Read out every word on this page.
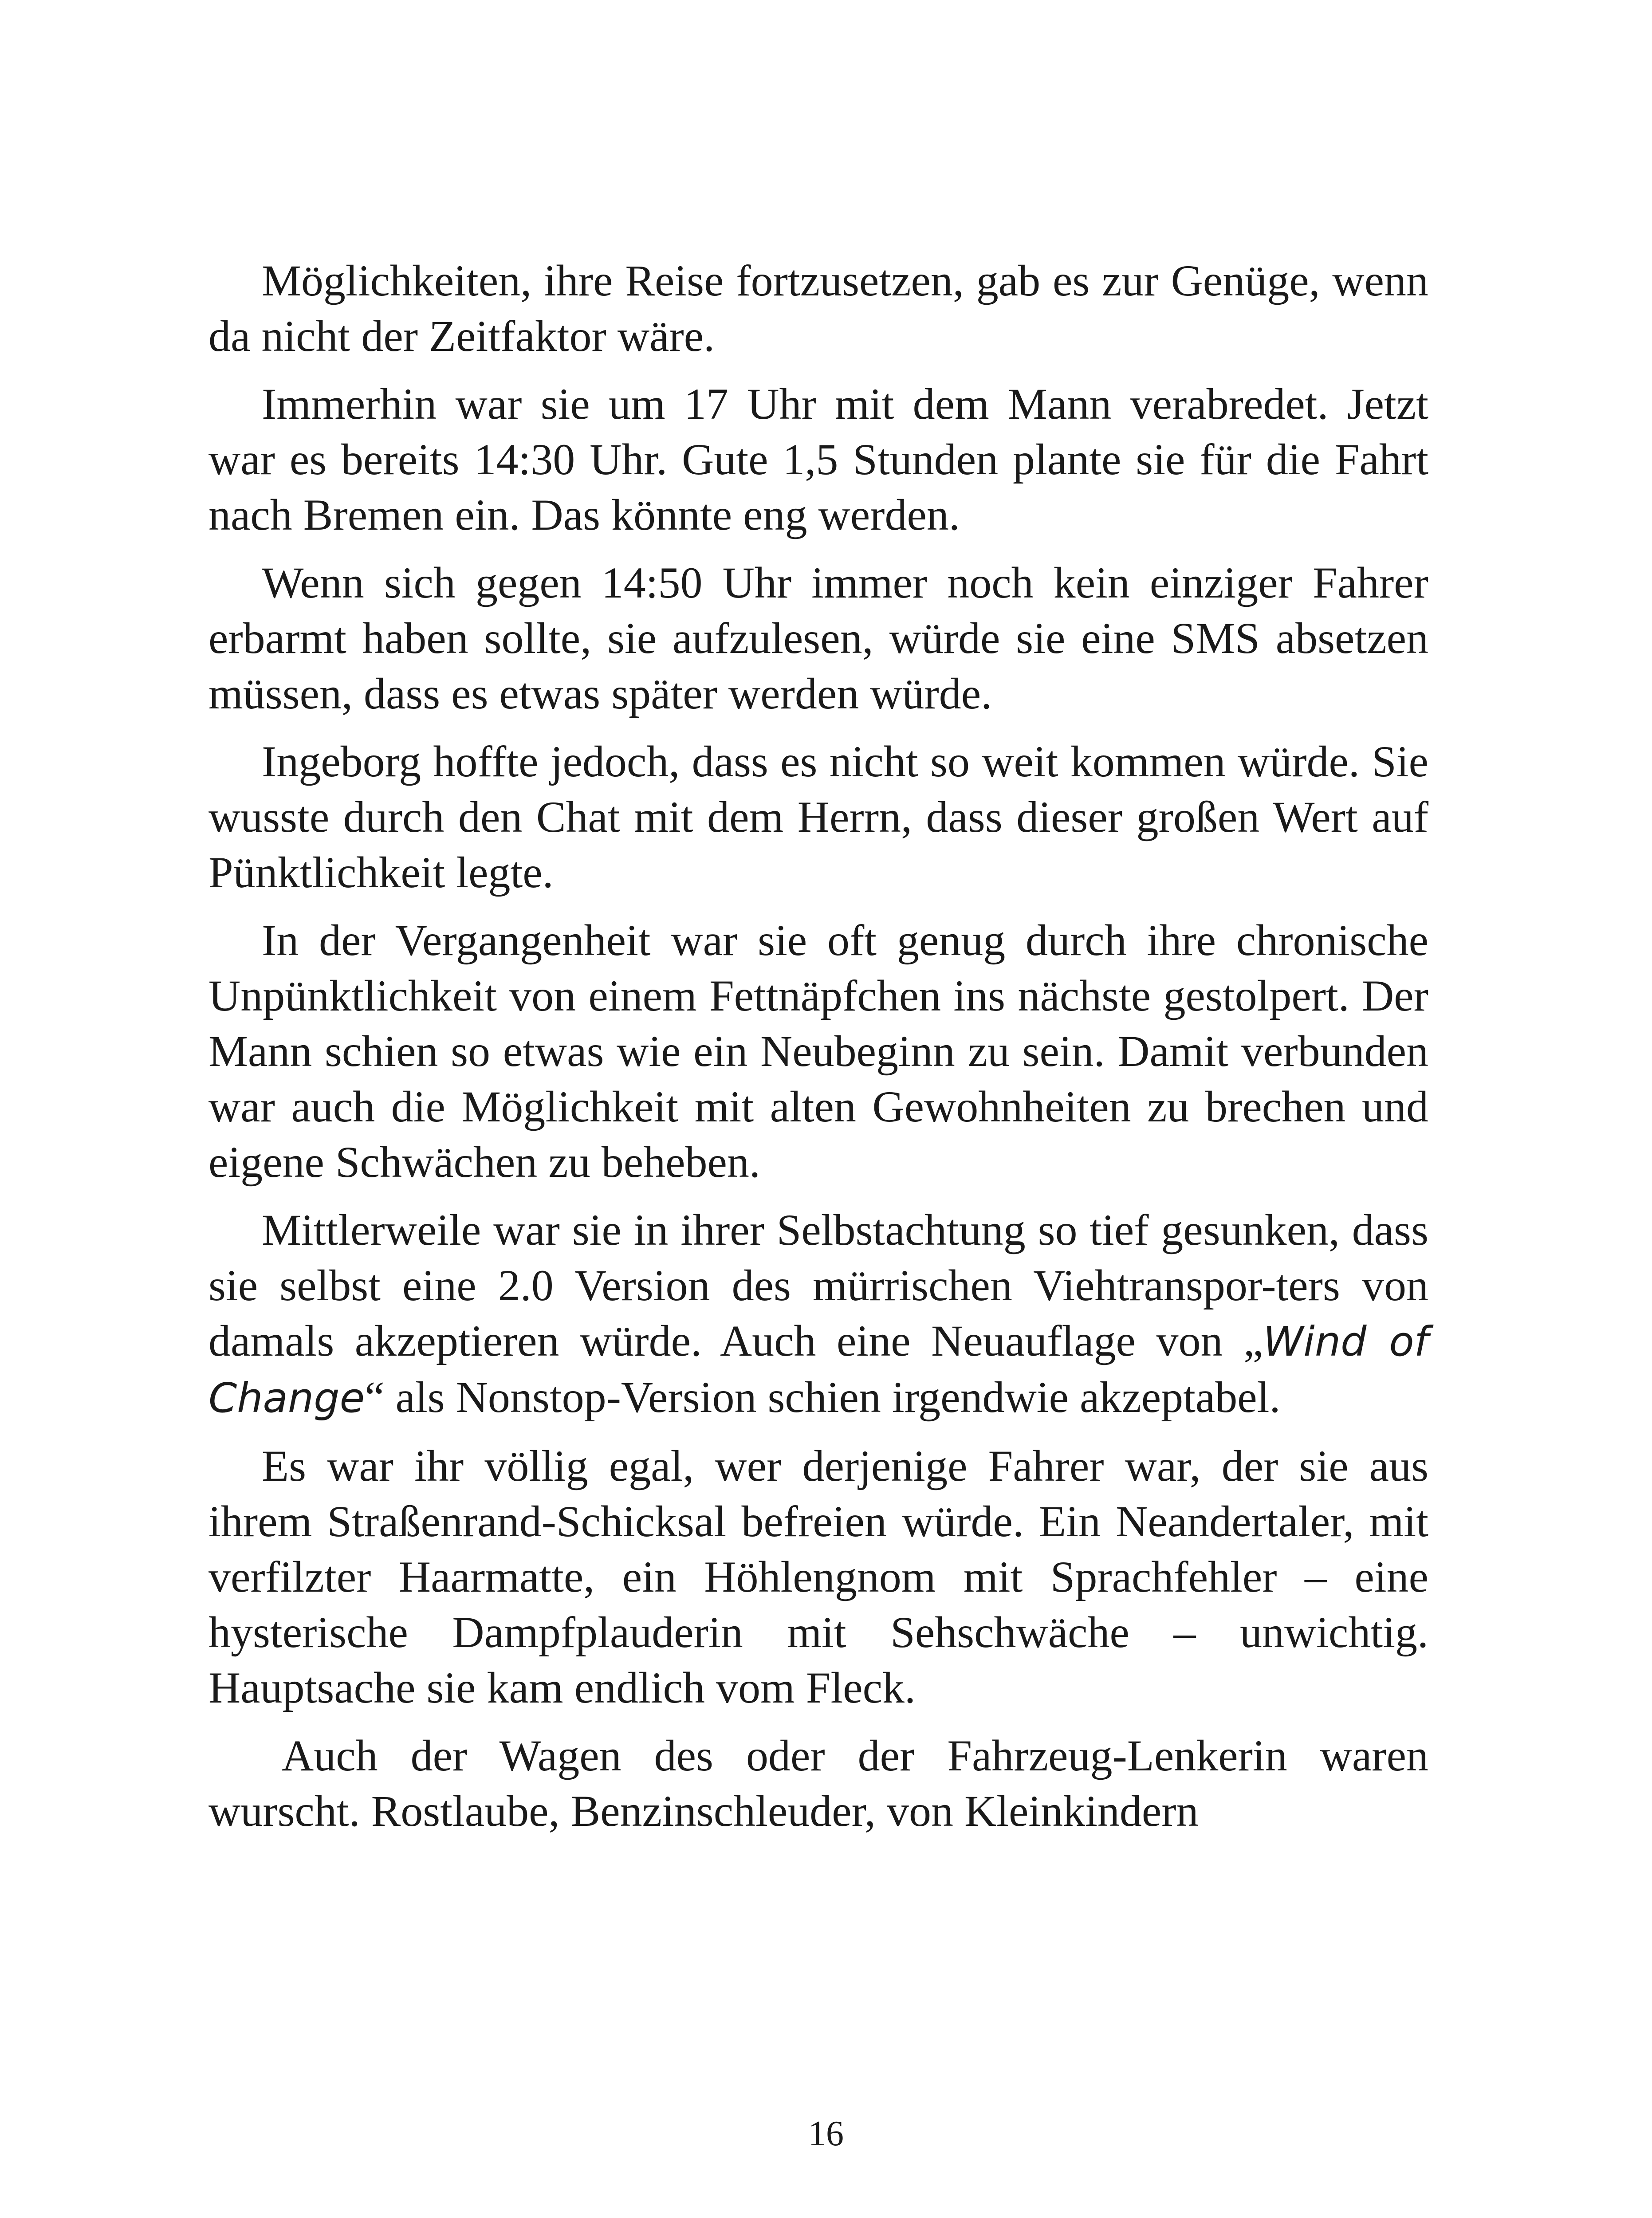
Möglichkeiten, ihre Reise fortzusetzen, gab es zur Genüge, wenn da nicht der Zeitfaktor wäre.

Immerhin war sie um 17 Uhr mit dem Mann verabredet. Jetzt war es bereits 14:30 Uhr. Gute 1,5 Stunden plante sie für die Fahrt nach Bremen ein. Das könnte eng werden.

Wenn sich gegen 14:50 Uhr immer noch kein einziger Fahrer erbarmt haben sollte, sie aufzulesen, würde sie eine SMS absetzen müssen, dass es etwas später werden würde.

Ingeborg hoffte jedoch, dass es nicht so weit kommen würde. Sie wusste durch den Chat mit dem Herrn, dass dieser großen Wert auf Pünktlichkeit legte.

In der Vergangenheit war sie oft genug durch ihre chronische Unpünktlichkeit von einem Fettnäpfchen ins nächste gestolpert. Der Mann schien so etwas wie ein Neubeginn zu sein. Damit verbunden war auch die Möglichkeit mit alten Gewohnheiten zu brechen und eigene Schwächen zu beheben.

Mittlerweile war sie in ihrer Selbstachtung so tief gesunken, dass sie selbst eine 2.0 Version des mürrischen Viehtranspor-ters von damals akzeptieren würde. Auch eine Neuauflage von „Wind of Change“ als Nonstop-Version schien irgendwie akzeptabel.

Es war ihr völlig egal, wer derjenige Fahrer war, der sie aus ihrem Straßenrand-Schicksal befreien würde. Ein Neandertaler, mit verfilzter Haarmatte, ein Höhlengnom mit Sprachfehler – eine hysterische Dampfplauderin mit Sehschwäche – unwichtig. Hauptsache sie kam endlich vom Fleck.

Auch der Wagen des oder der Fahrzeug-Lenkerin waren wurscht. Rostlaube, Benzinschleuder, von Kleinkindern

16
